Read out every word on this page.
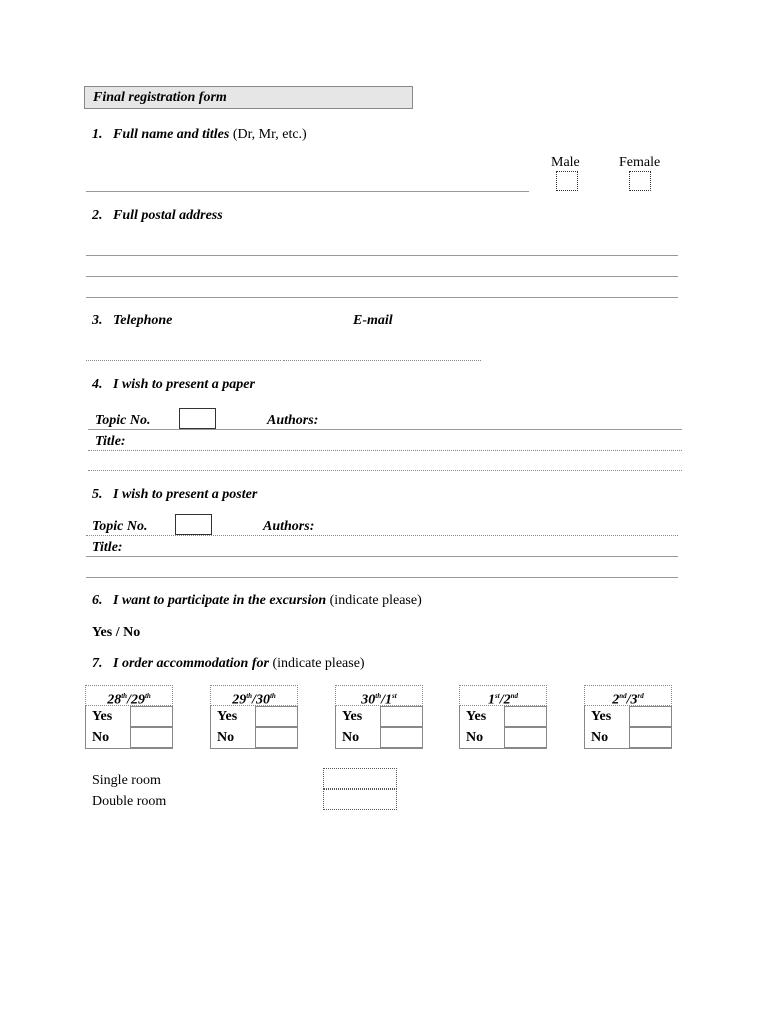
Final registration form
1. Full name and titles (Dr, Mr, etc.)
Male	Female
2. Full postal address
3. Telephone	E-mail
4. I wish to present a paper
Topic No.	Authors:
Title:
5. I wish to present a poster
Topic No.	Authors:
Title:
6. I want to participate in the excursion (indicate please)
Yes / No
7. I order accommodation for (indicate please)
28th/29th
Yes
No
29th/30th
Yes
No
30th/1st
Yes
No
1st/2nd
Yes
No
2nd/3rd
Yes
No
Single room
Double room
